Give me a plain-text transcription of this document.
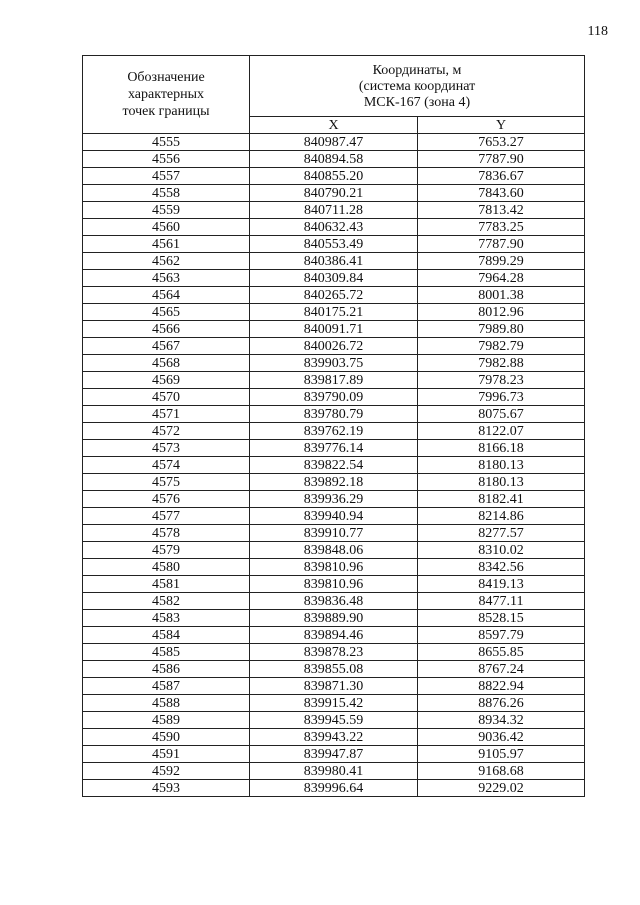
118
Обозначение
характерных
точек границы	Координаты, м
(система координат
МСК-167 (зона 4)	

	X	Y
4555	840987.47	7653.27
4556	840894.58	7787.90
4557	840855.20	7836.67
4558	840790.21	7843.60
4559	840711.28	7813.42
4560	840632.43	7783.25
4561	840553.49	7787.90
4562	840386.41	7899.29
4563	840309.84	7964.28
4564	840265.72	8001.38
4565	840175.21	8012.96
4566	840091.71	7989.80
4567	840026.72	7982.79
4568	839903.75	7982.88
4569	839817.89	7978.23
4570	839790.09	7996.73
4571	839780.79	8075.67
4572	839762.19	8122.07
4573	839776.14	8166.18
4574	839822.54	8180.13
4575	839892.18	8180.13
4576	839936.29	8182.41
4577	839940.94	8214.86
4578	839910.77	8277.57
4579	839848.06	8310.02
4580	839810.96	8342.56
4581	839810.96	8419.13
4582	839836.48	8477.11
4583	839889.90	8528.15
4584	839894.46	8597.79
4585	839878.23	8655.85
4586	839855.08	8767.24
4587	839871.30	8822.94
4588	839915.42	8876.26
4589	839945.59	8934.32
4590	839943.22	9036.42
4591	839947.87	9105.97
4592	839980.41	9168.68
4593	839996.64	9229.02
